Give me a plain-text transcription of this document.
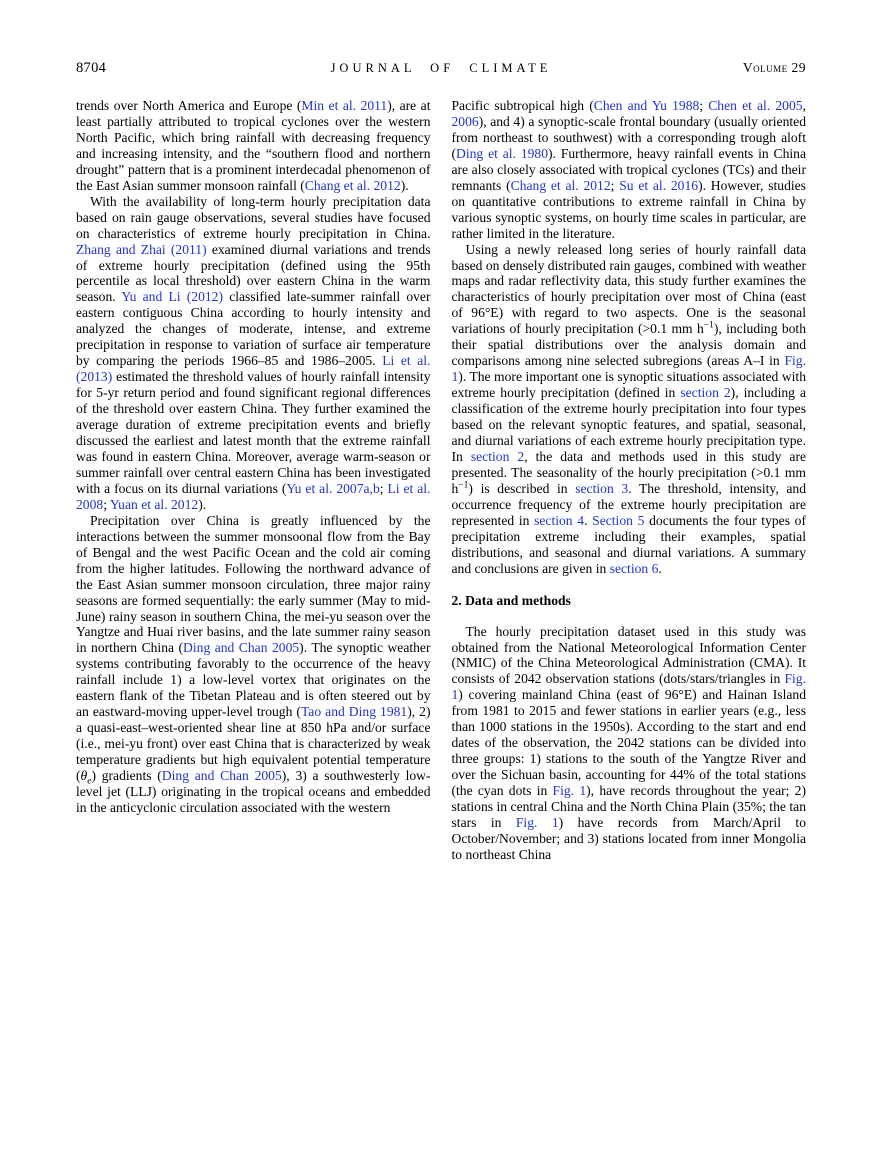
8704	JOURNAL OF CLIMATE	Volume 29

trends over North America and Europe (Min et al. 2011), are at least partially attributed to tropical cyclones over the western North Pacific, which bring rainfall with decreasing frequency and increasing intensity, and the “southern flood and northern drought” pattern that is a prominent interdecadal phenomenon of the East Asian summer monsoon rainfall (Chang et al. 2012).

With the availability of long-term hourly precipitation data based on rain gauge observations, several studies have focused on characteristics of extreme hourly precipitation in China. Zhang and Zhai (2011) examined diurnal variations and trends of extreme hourly precipitation (defined using the 95th percentile as local threshold) over eastern China in the warm season. Yu and Li (2012) classified late-summer rainfall over eastern contiguous China according to hourly intensity and analyzed the changes of moderate, intense, and extreme precipitation in response to variation of surface air temperature by comparing the periods 1966–85 and 1986–2005. Li et al. (2013) estimated the threshold values of hourly rainfall intensity for 5-yr return period and found significant regional differences of the threshold over eastern China. They further examined the average duration of extreme precipitation events and briefly discussed the earliest and latest month that the extreme rainfall was found in eastern China. Moreover, average warm-season or summer rainfall over central eastern China has been investigated with a focus on its diurnal variations (Yu et al. 2007a,b; Li et al. 2008; Yuan et al. 2012).

Precipitation over China is greatly influenced by the interactions between the summer monsoonal flow from the Bay of Bengal and the west Pacific Ocean and the cold air coming from the higher latitudes. Following the northward advance of the East Asian summer monsoon circulation, three major rainy seasons are formed sequentially: the early summer (May to mid-June) rainy season in southern China, the mei-yu season over the Yangtze and Huai river basins, and the late summer rainy season in northern China (Ding and Chan 2005). The synoptic weather systems contributing favorably to the occurrence of the heavy rainfall include 1) a low-level vortex that originates on the eastern flank of the Tibetan Plateau and is often steered out by an eastward-moving upper-level trough (Tao and Ding 1981), 2) a quasi-east–west-oriented shear line at 850 hPa and/or surface (i.e., mei-yu front) over east China that is characterized by weak temperature gradients but high equivalent potential temperature $(\theta_e)$ gradients (Ding and Chan 2005), 3) a southwesterly low-level jet (LLJ) originating in the tropical oceans and embedded in the anticyclonic circulation associated with the western

Pacific subtropical high (Chen and Yu 1988; Chen et al. 2005, 2006), and 4) a synoptic-scale frontal boundary (usually oriented from northeast to southwest) with a corresponding trough aloft (Ding et al. 1980). Furthermore, heavy rainfall events in China are also closely associated with tropical cyclones (TCs) and their remnants (Chang et al. 2012; Su et al. 2016). However, studies on quantitative contributions to extreme rainfall in China by various synoptic systems, on hourly time scales in particular, are rather limited in the literature.

Using a newly released long series of hourly rainfall data based on densely distributed rain gauges, combined with weather maps and radar reflectivity data, this study further examines the characteristics of hourly precipitation over most of China (east of 96°E) with regard to two aspects. One is the seasonal variations of hourly precipitation (>0.1 mm $h^{-1}$), including both their spatial distributions over the analysis domain and comparisons among nine selected subregions (areas A–I in Fig. 1). The more important one is synoptic situations associated with extreme hourly precipitation (defined in section 2), including a classification of the extreme hourly precipitation into four types based on the relevant synoptic features, and spatial, seasonal, and diurnal variations of each extreme hourly precipitation type. In section 2, the data and methods used in this study are presented. The seasonality of the hourly precipitation (>0.1 mm $h^{-1}$) is described in section 3. The threshold, intensity, and occurrence frequency of the extreme hourly precipitation are represented in section 4. Section 5 documents the four types of precipitation extreme including their examples, spatial distributions, and seasonal and diurnal variations. A summary and conclusions are given in section 6.

2. Data and methods

The hourly precipitation dataset used in this study was obtained from the National Meteorological Information Center (NMIC) of the China Meteorological Administration (CMA). It consists of 2042 observation stations (dots/stars/triangles in Fig. 1) covering mainland China (east of 96°E) and Hainan Island from 1981 to 2015 and fewer stations in earlier years (e.g., less than 1000 stations in the 1950s). According to the start and end dates of the observation, the 2042 stations can be divided into three groups: 1) stations to the south of the Yangtze River and over the Sichuan basin, accounting for 44% of the total stations (the cyan dots in Fig. 1), have records throughout the year; 2) stations in central China and the North China Plain (35%; the tan stars in Fig. 1) have records from March/April to October/November; and 3) stations located from inner Mongolia to northeast China
